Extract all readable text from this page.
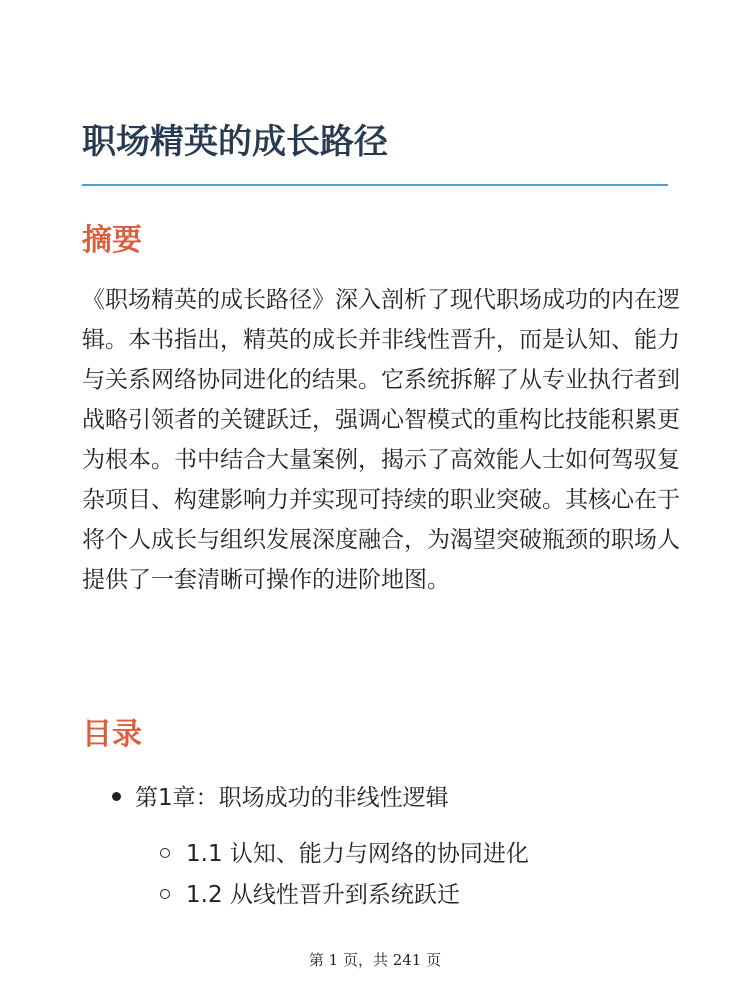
职场精英的成长路径
摘要

《职场精英的成长路径》深入剖析了现代职场成功的内在逻辑。本书指出，精英的成长并非线性晋升，而是认知、能力与关系网络协同进化的结果。它系统拆解了从专业执行者到战略引领者的关键跃迁，强调心智模式的重构比技能积累更为根本。书中结合大量案例，揭示了高效能人士如何驾驭复杂项目、构建影响力并实现可持续的职业突破。其核心在于将个人成长与组织发展深度融合，为渴望突破瓶颈的职场人提供了一套清晰可操作的进阶地图。

目录
第1章：职场成功的非线性逻辑
1.1 认知、能力与网络的协同进化
1.2 从线性晋升到系统跃迁
第 1 页，共 241 页
